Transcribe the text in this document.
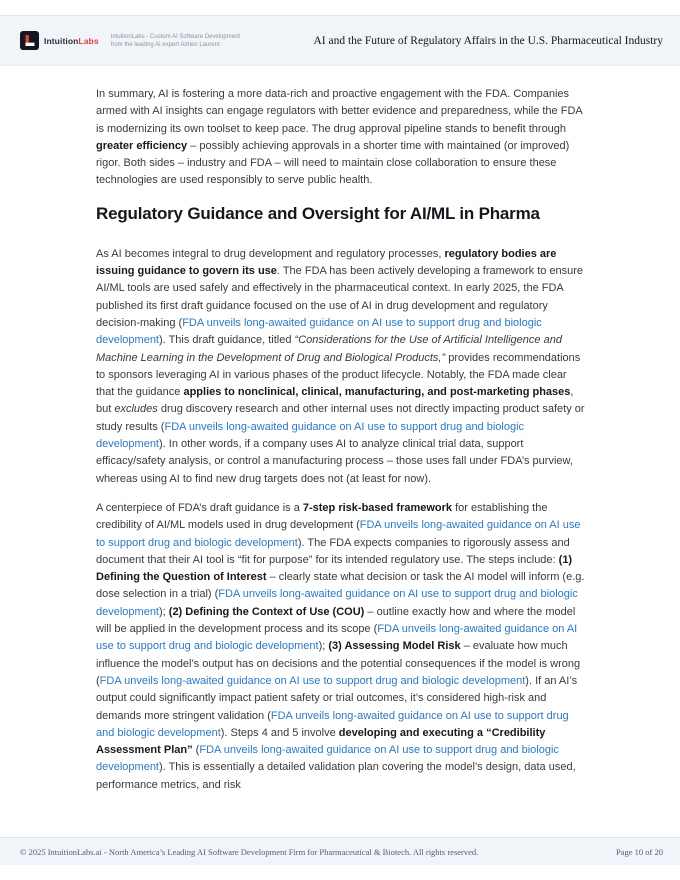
IntuitionLabs IntuitionLabs - Custom AI Software Development
from the leading AI expert Adrien Laurent	AI and the Future of Regulatory Affairs in the U.S. Pharmaceutical Industry

In summary, AI is fostering a more data-rich and proactive engagement with the FDA. Companies armed with AI insights can engage regulators with better evidence and preparedness, while the FDA is modernizing its own toolset to keep pace. The drug approval pipeline stands to benefit through greater efficiency – possibly achieving approvals in a shorter time with maintained (or improved) rigor. Both sides – industry and FDA – will need to maintain close collaboration to ensure these technologies are used responsibly to serve public health.

Regulatory Guidance and Oversight for AI/ML in Pharma

As AI becomes integral to drug development and regulatory processes, regulatory bodies are issuing guidance to govern its use. The FDA has been actively developing a framework to ensure AI/ML tools are used safely and effectively in the pharmaceutical context. In early 2025, the FDA published its first draft guidance focused on the use of AI in drug development and regulatory decision-making (FDA unveils long-awaited guidance on AI use to support drug and biologic development). This draft guidance, titled “Considerations for the Use of Artificial Intelligence and Machine Learning in the Development of Drug and Biological Products,” provides recommendations to sponsors leveraging AI in various phases of the product lifecycle. Notably, the FDA made clear that the guidance applies to nonclinical, clinical, manufacturing, and post-marketing phases, but excludes drug discovery research and other internal uses not directly impacting product safety or study results (FDA unveils long-awaited guidance on AI use to support drug and biologic development). In other words, if a company uses AI to analyze clinical trial data, support efficacy/safety analysis, or control a manufacturing process – those uses fall under FDA’s purview, whereas using AI to find new drug targets does not (at least for now).

A centerpiece of FDA’s draft guidance is a 7-step risk-based framework for establishing the credibility of AI/ML models used in drug development (FDA unveils long-awaited guidance on AI use to support drug and biologic development). The FDA expects companies to rigorously assess and document that their AI tool is “fit for purpose” for its intended regulatory use. The steps include: (1) Defining the Question of Interest – clearly state what decision or task the AI model will inform (e.g. dose selection in a trial) (FDA unveils long-awaited guidance on AI use to support drug and biologic development); (2) Defining the Context of Use (COU) – outline exactly how and where the model will be applied in the development process and its scope (FDA unveils long-awaited guidance on AI use to support drug and biologic development); (3) Assessing Model Risk – evaluate how much influence the model’s output has on decisions and the potential consequences if the model is wrong (FDA unveils long-awaited guidance on AI use to support drug and biologic development). If an AI’s output could significantly impact patient safety or trial outcomes, it’s considered high-risk and demands more stringent validation (FDA unveils long-awaited guidance on AI use to support drug and biologic development). Steps 4 and 5 involve developing and executing a “Credibility Assessment Plan” (FDA unveils long-awaited guidance on AI use to support drug and biologic development). This is essentially a detailed validation plan covering the model’s design, data used, performance metrics, and risk

© 2025 IntuitionLabs.ai - North America’s Leading AI Software Development Firm for Pharmaceutical & Biotech. All rights reserved.	Page 10 of 20
